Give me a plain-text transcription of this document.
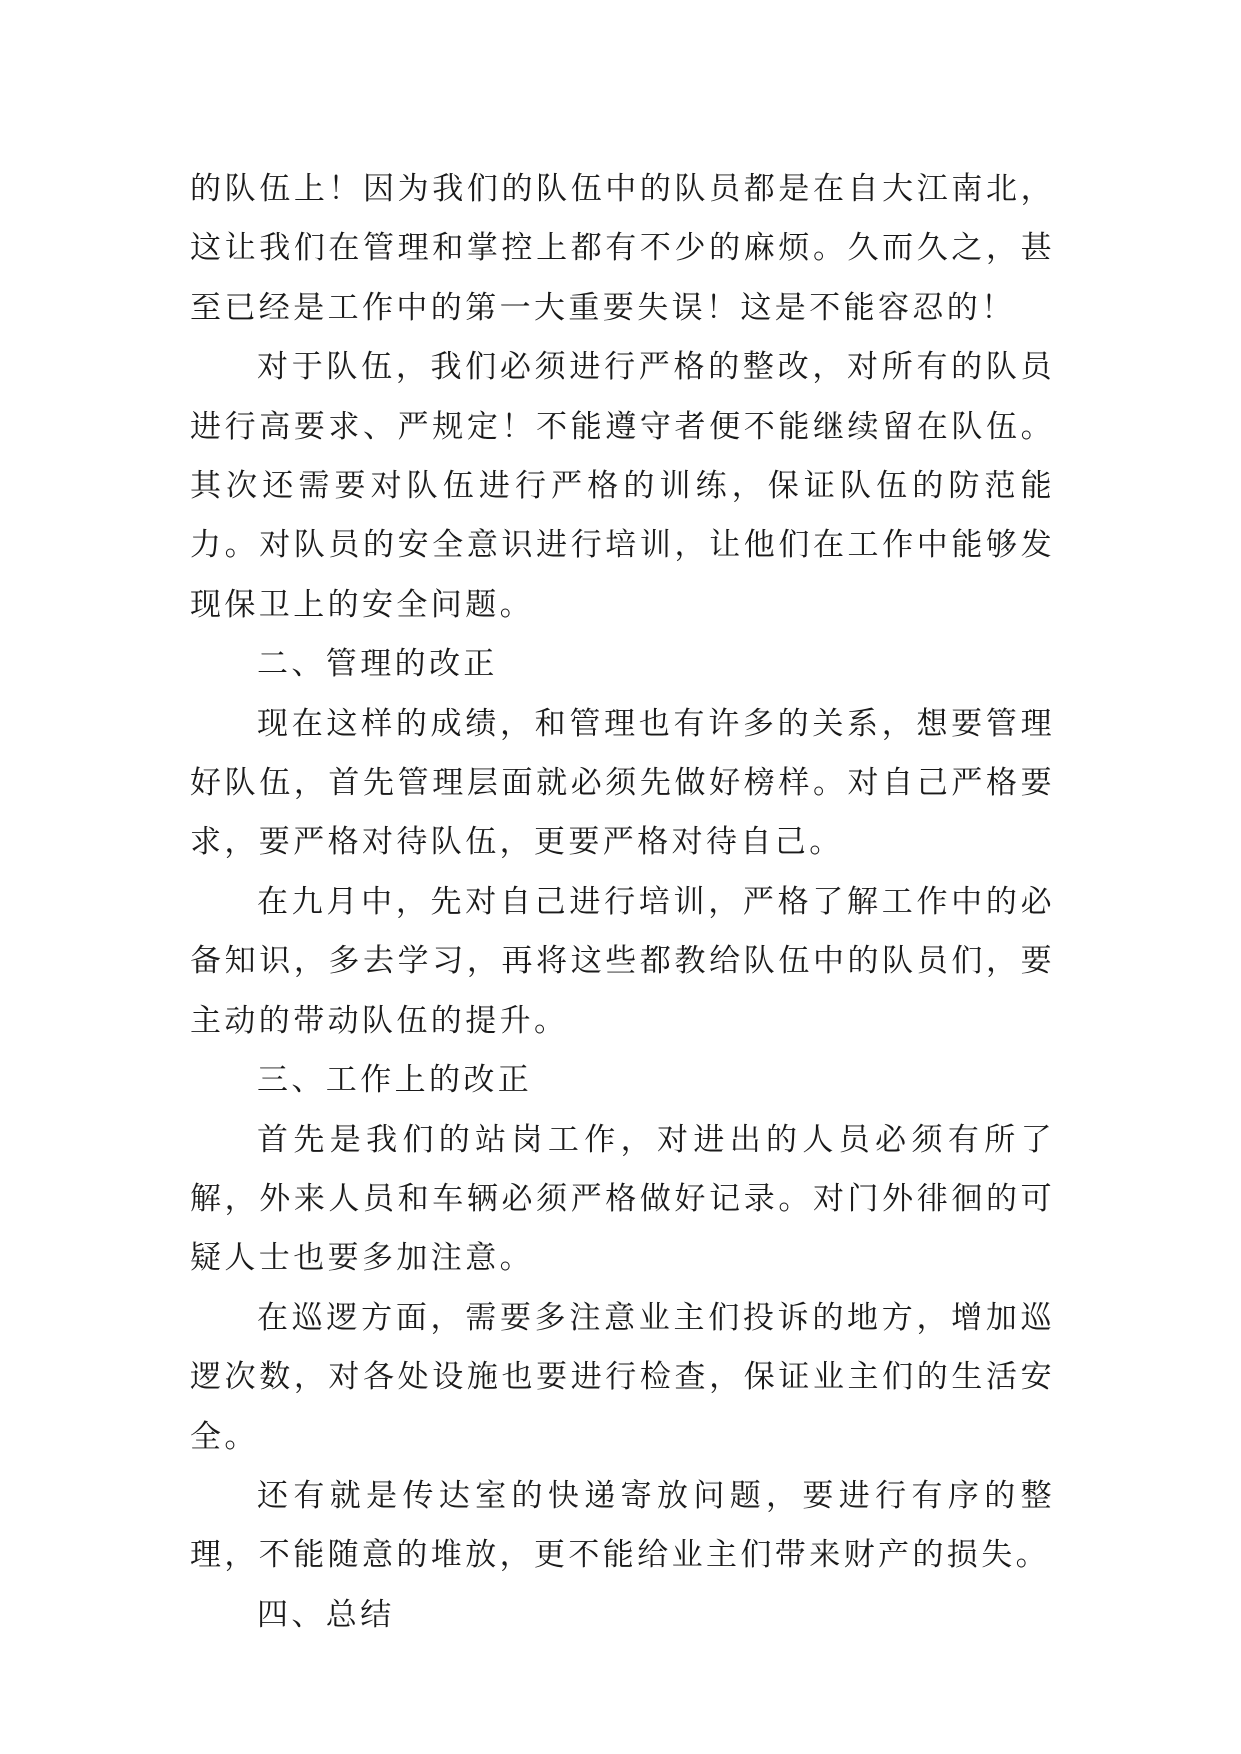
的队伍上！因为我们的队伍中的队员都是在自大江南北，这让我们在管理和掌控上都有不少的麻烦。久而久之，甚至已经是工作中的第一大重要失误！这是不能容忍的！

对于队伍，我们必须进行严格的整改，对所有的队员进行高要求、严规定！不能遵守者便不能继续留在队伍。其次还需要对队伍进行严格的训练，保证队伍的防范能力。对队员的安全意识进行培训，让他们在工作中能够发现保卫上的安全问题。

二、管理的改正

现在这样的成绩，和管理也有许多的关系，想要管理好队伍，首先管理层面就必须先做好榜样。对自己严格要求，要严格对待队伍，更要严格对待自己。

在九月中，先对自己进行培训，严格了解工作中的必备知识，多去学习，再将这些都教给队伍中的队员们，要主动的带动队伍的提升。

三、工作上的改正

首先是我们的站岗工作，对进出的人员必须有所了解，外来人员和车辆必须严格做好记录。对门外徘徊的可疑人士也要多加注意。

在巡逻方面，需要多注意业主们投诉的地方，增加巡逻次数，对各处设施也要进行检查，保证业主们的生活安全。

还有就是传达室的快递寄放问题，要进行有序的整理，不能随意的堆放，更不能给业主们带来财产的损失。

四、总结
